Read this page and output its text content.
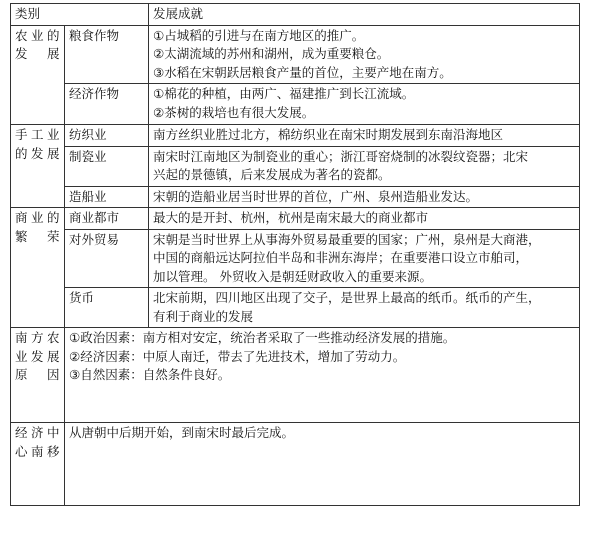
类别		发展成就
农业的发展	粮食作物	①占城稻的引进与在南方地区的推广。
②太湖流域的苏州和湖州，成为重要粮仓。
③水稻在宋朝跃居粮食产量的首位，主要产地在南方。

	经济作物	①棉花的种植，由两广、福建推广到长江流域。
②茶树的栽培也有很大发展。

手工业的发展	纺织业	南方丝织业胜过北方，棉纺织业在南宋时期发展到东南沿海地区

	制瓷业	南宋时江南地区为制瓷业的重心；浙江哥窑烧制的冰裂纹瓷器；北宋
兴起的景德镇，后来发展成为著名的瓷都。

	造船业	宋朝的造船业居当时世界的首位，广州、泉州造船业发达。

商业的繁荣	商业都市	最大的是开封、杭州，杭州是南宋最大的商业都市

	对外贸易	宋朝是当时世界上从事海外贸易最重要的国家；广州，泉州是大商港，
中国的商船远达阿拉伯半岛和非洲东海岸；在重要港口设立市舶司，
加以管理。 外贸收入是朝廷财政收入的重要来源。

	货币	北宋前期，四川地区出现了交子，是世界上最高的纸币。纸币的产生，
有利于商业的发展

南方农业发展原因	①政治因素：南方相对安定，统治者采取了一些推动经济发展的措施。
②经济因素：中原人南迁，带去了先进技术，增加了劳动力。
③自然因素：自然条件良好。	

经济中心南移	从唐朝中后期开始，到南宋时最后完成。	
